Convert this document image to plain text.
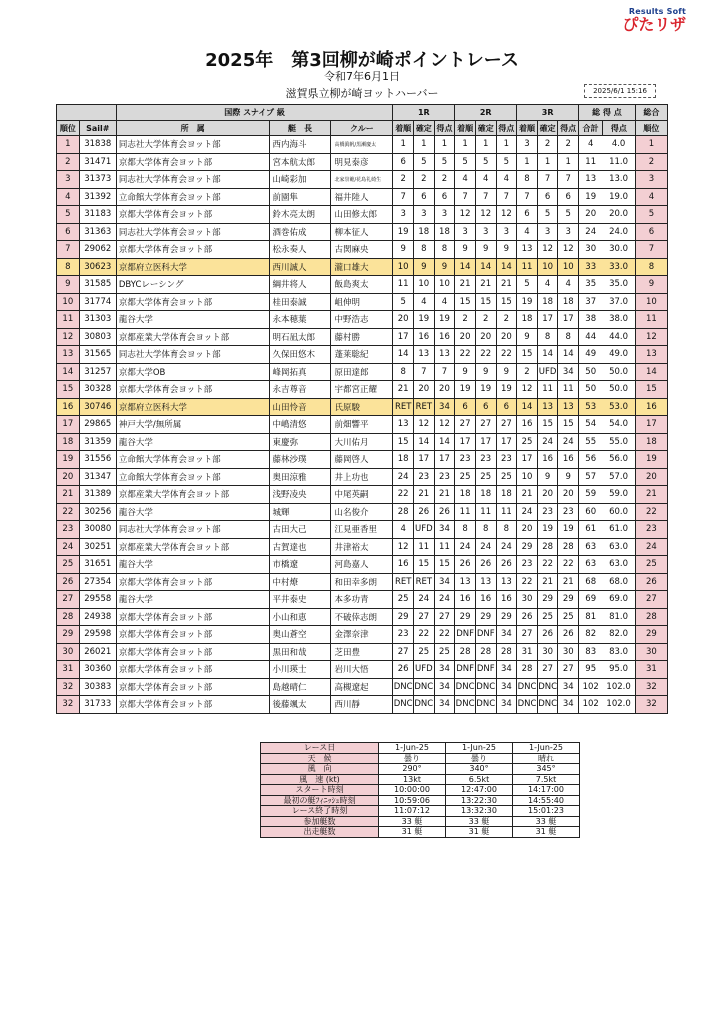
Results Soft
ぴたリザ
2025年　第3回柳が崎ポイントレース
令和7年6月1日
滋賀県立柳が崎ヨットハーバー	2025/6/1 15:16
		国際 スナイプ 級			1R			2R			3R			総 得 点		総合
順位	Sail#	所　属	艇　長	クルー	着順	確定	得点	着順	確定	得点	着順	確定	得点	合計	得点	順位
1	31838	同志社大学体育会ヨット部	西内海斗	高橋眞帆/黒瀬慶太	1	1	1	1	1	1	3	2	2	4	4.0	1
2	31471	京都大学体育会ヨット部	宮本航太郎	明見泰彦	6	5	5	5	5	5	1	1	1	11	11.0	2
3	31373	同志社大学体育会ヨット部	山崎彩加	北家崇範/花島礼綺生	2	2	2	4	4	4	8	7	7	13	13.0	3
4	31392	立命館大学体育会ヨット部	前園隼	福井陸人	7	6	6	7	7	7	7	6	6	19	19.0	4
5	31183	京都大学体育会ヨット部	鈴木亮太朗	山田修太郎	3	3	3	12	12	12	6	5	5	20	20.0	5
6	31363	同志社大学体育会ヨット部	酒巻佑成	柳本征人	19	18	18	3	3	3	4	3	3	24	24.0	6
7	29062	京都大学体育会ヨット部	松永奏人	古関麻央	9	8	8	9	9	9	13	12	12	30	30.0	7
8	30623	京都府立医科大学	西川誠人	瀧口雄大	10	9	9	14	14	14	11	10	10	33	33.0	8
9	31585	DBYCレーシング	綱井将人	飯島爽太	11	10	10	21	21	21	5	4	4	35	35.0	9
10	31774	京都大学体育会ヨット部	桂田泰誠	岨伸明	5	4	4	15	15	15	19	18	18	37	37.0	10
11	31303	龍谷大学	永本穂葉	中野浩志	20	19	19	2	2	2	18	17	17	38	38.0	11
12	30803	京都産業大学体育会ヨット部	明石凪太郎	藤村勝	17	16	16	20	20	20	9	8	8	44	44.0	12
13	31565	同志社大学体育会ヨット部	久保田悠木	蓬莱聡紀	14	13	13	22	22	22	15	14	14	49	49.0	13
14	31257	京都大学OB	峰岡拓真	原田達郎	8	7	7	9	9	9	2	UFD	34	50	50.0	14
15	30328	京都大学体育会ヨット部	永吉尊音	宇都宮正耀	21	20	20	19	19	19	12	11	11	50	50.0	15
16	30746	京都府立医科大学	山田怜音	氏原駿	RET	RET	34	6	6	6	14	13	13	53	53.0	16
17	29865	神戸大学/無所属	中嶋清悠	前畑響平	13	12	12	27	27	27	16	15	15	54	54.0	17
18	31359	龍谷大学	東慶弥	大川佑月	15	14	14	17	17	17	25	24	24	55	55.0	18
19	31556	立命館大学体育会ヨット部	藤林沙璞	藤岡啓人	18	17	17	23	23	23	17	16	16	56	56.0	19
20	31347	立命館大学体育会ヨット部	奥田涼雅	井上功也	24	23	23	25	25	25	10	9	9	57	57.0	20
21	31389	京都産業大学体育会ヨット部	浅野凌央	中尾英嗣	22	21	21	18	18	18	21	20	20	59	59.0	21
22	30256	龍谷大学	城輝	山名俊介	28	26	26	11	11	11	24	23	23	60	60.0	22
23	30080	同志社大学体育会ヨット部	古田大己	江見亜香里	4	UFD	34	8	8	8	20	19	19	61	61.0	23
24	30251	京都産業大学体育会ヨット部	古賀達也	井津裕太	12	11	11	24	24	24	29	28	28	63	63.0	24
25	31651	龍谷大学	市橋遼	河島嘉人	16	15	15	26	26	26	23	22	22	63	63.0	25
26	27354	京都大学体育会ヨット部	中村燎	和田幸多朗	RET	RET	34	13	13	13	22	21	21	68	68.0	26
27	29558	龍谷大学	平井泰史	本多功青	25	24	24	16	16	16	30	29	29	69	69.0	27
28	24938	京都大学体育会ヨット部	小山和恵	不破倖志朗	29	27	27	29	29	29	26	25	25	81	81.0	28
29	29598	京都大学体育会ヨット部	奥山蒼空	金澤奈津	23	22	22	DNF	DNF	34	27	26	26	82	82.0	29
30	26021	京都大学体育会ヨット部	黒田和哉	芝田豊	27	25	25	28	28	28	31	30	30	83	83.0	30
31	30360	京都大学体育会ヨット部	小川瑛士	岩川大悟	26	UFD	34	DNF	DNF	34	28	27	27	95	95.0	31
32	30383	京都大学体育会ヨット部	島越晴仁	高槻遼起	DNC	DNC	34	DNC	DNC	34	DNC	DNC	34	102	102.0	32
32	31733	京都大学体育会ヨット部	後藤颯太	西川靜	DNC	DNC	34	DNC	DNC	34	DNC	DNC	34	102	102.0	32
レース日	1-Jun-25	1-Jun-25	1-Jun-25
天　候	曇り	曇り	晴れ
風　向	290°	340°	345°
風　速 (kt)	13kt	6.5kt	7.5kt
スタート時刻	10:00:00	12:47:00	14:17:00
最初の艇ﾌｨﾆｯｼｭ時刻	10:59:06	13:22:30	14:55:40
レース終了時刻	11:07:12	13:32:30	15:01:23
参加艇数	33 艇	33 艇	33 艇
出走艇数	31 艇	31 艇	31 艇
